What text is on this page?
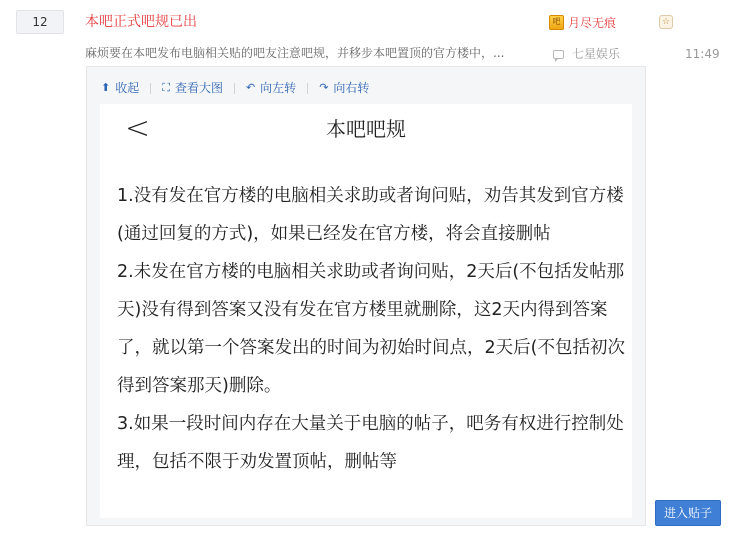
12	本吧正式吧规已出	吧 月尽无痕	☆
麻烦要在本吧发布电脑相关贴的吧友注意吧规，并移步本吧置顶的官方楼中，...	七星娱乐	11:49
⬆ 收起 ⛶ 查看大图 ↶ 向左转 ↷ 向右转
<	本吧吧规

1.没有发在官方楼的电脑相关求助或者询问贴，劝告其发到官方楼(通过回复的方式)，如果已经发在官方楼，将会直接删帖

2.未发在官方楼的电脑相关求助或者询问贴，2天后(不包括发帖那天)没有得到答案又没有发在官方楼里就删除，这2天内得到答案了，就以第一个答案发出的时间为初始时间点，2天后(不包括初次得到答案那天)删除。

3.如果一段时间内存在大量关于电脑的帖子，吧务有权进行控制处理，包括不限于劝发置顶帖，删帖等

进入贴子
